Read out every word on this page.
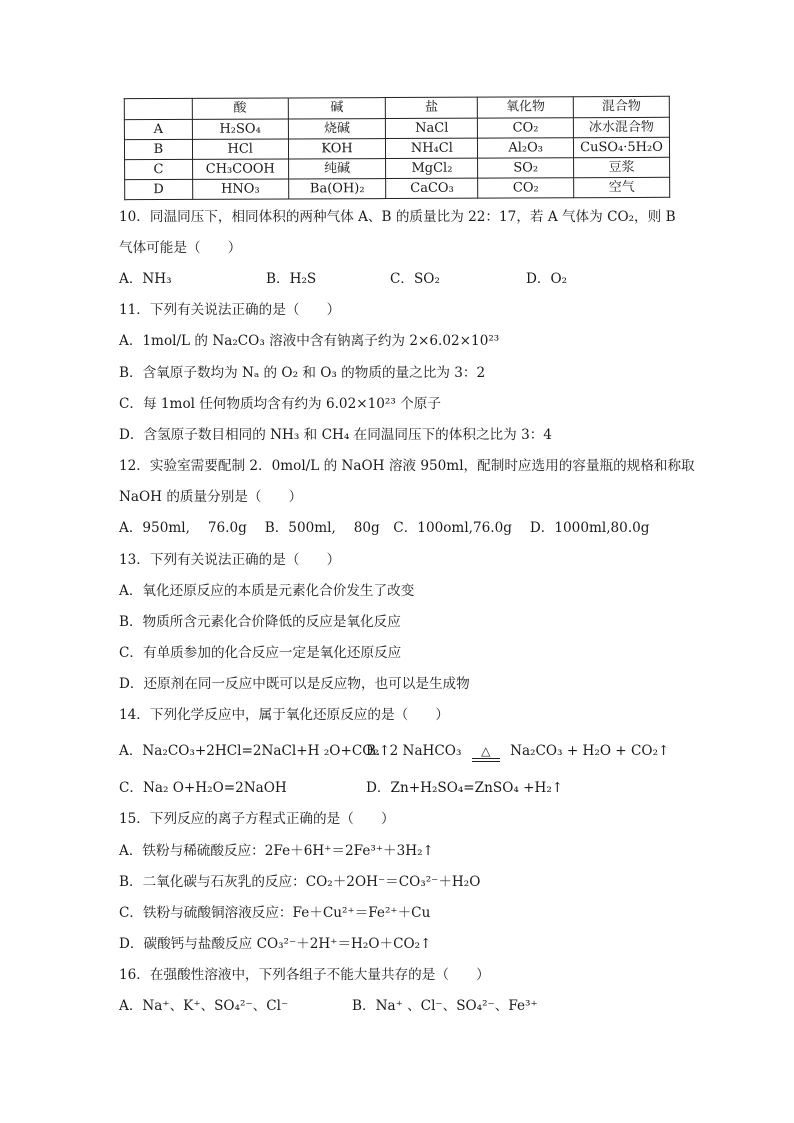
	酸	碱	盐	氧化物	混合物
A	H₂SO₄	烧碱	NaCl	CO₂	冰水混合物
B	HCl	KOH	NH₄Cl	Al₂O₃	CuSO₄·5H₂O
C	CH₃COOH	纯碱	MgCl₂	SO₂	豆浆
D	HNO₃	Ba(OH)₂	CaCO₃	CO₂	空气
10．同温同压下，相同体积的两种气体 A、B 的质量比为 22：17，若 A 气体为 CO₂，则 B
气体可能是（　　）
A．NH₃	B．H₂S	C．SO₂	D．O₂
11．下列有关说法正确的是（　　）
A．1mol/L 的 Na₂CO₃ 溶液中含有钠离子约为 2×6.02×10²³
B．含氧原子数均为 Nₐ 的 O₂ 和 O₃ 的物质的量之比为 3：2
C．每 1mol 任何物质均含有约为 6.02×10²³ 个原子
D．含氢原子数目相同的 NH₃ 和 CH₄ 在同温同压下的体积之比为 3：4
12．实验室需要配制 2．0mol/L 的 NaOH 溶液 950ml，配制时应选用的容量瓶的规格和称取
NaOH 的质量分别是（　　）
A．950ml,　 76.0g　 B．500ml,　 80g　C．100oml,76.0g　 D．1000ml,80.0g
13．下列有关说法正确的是（　　）
A．氧化还原反应的本质是元素化合价发生了改变
B．物质所含元素化合价降低的反应是氧化反应
C．有单质参加的化合反应一定是氧化还原反应
D．还原剂在同一反应中既可以是反应物，也可以是生成物
14．下列化学反应中，属于氧化还原反应的是（　　）
A．Na₂CO₃+2HCl=2NaCl+H ₂O+CO₂↑
B．2 NaHCO₃ △ Na₂CO₃ + H₂O + CO₂↑
C．Na₂ O+H₂O=2NaOH	D．Zn+H₂SO₄=ZnSO₄ +H₂↑
15．下列反应的离子方程式正确的是（　　）
A．铁粉与稀硫酸反应：2Fe＋6H⁺＝2Fe³⁺＋3H₂↑
B．二氧化碳与石灰乳的反应：CO₂＋2OH⁻＝CO₃²⁻＋H₂O
C．铁粉与硫酸铜溶液反应：Fe＋Cu²⁺＝Fe²⁺＋Cu
D．碳酸钙与盐酸反应 CO₃²⁻＋2H⁺＝H₂O＋CO₂↑
16．在强酸性溶液中，下列各组子不能大量共存的是（　　）
A．Na⁺、K⁺、SO₄²⁻、Cl⁻	B．Na⁺ 、Cl⁻、SO₄²⁻、Fe³⁺
